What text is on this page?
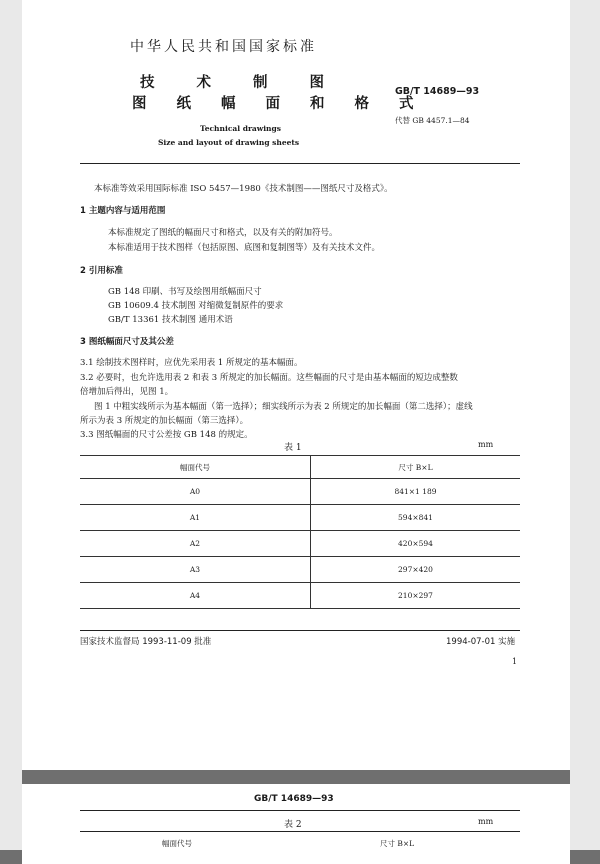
中华人民共和国国家标准
技术制图
图纸幅面和格式
GB/T 14689—93
代替 GB 4457.1—84
Technical drawings
Size and layout of drawing sheets
本标准等效采用国际标准 ISO 5457—1980《技术制图——图纸尺寸及格式》。
1 主题内容与适用范围
本标准规定了图纸的幅面尺寸和格式，以及有关的附加符号。
本标准适用于技术图样（包括原图、底图和复制图等）及有关技术文件。
2 引用标准
GB 148 印刷、书写及绘图用纸幅面尺寸
GB 10609.4 技术制图 对缩微复制原件的要求
GB/T 13361 技术制图 通用术语
3 图纸幅面尺寸及其公差
3.1 绘制技术图样时，应优先采用表 1 所规定的基本幅面。
3.2 必要时，也允许选用表 2 和表 3 所规定的加长幅面。这些幅面的尺寸是由基本幅面的短边成整数
倍增加后得出，见图 1。
图 1 中粗实线所示为基本幅面（第一选择）；细实线所示为表 2 所规定的加长幅面（第二选择）；虚线
所示为表 3 所规定的加长幅面（第三选择）。
3.3 图纸幅面的尺寸公差按 GB 148 的规定。
表 1	mm
幅面代号	尺寸 B×L
A0	841×1 189
A1	594×841
A2	420×594
A3	297×420
A4	210×297
国家技术监督局 1993-11-09 批准	1994-07-01 实施
1
GB/T 14689—93
表 2	mm
幅面代号	尺寸 B×L
